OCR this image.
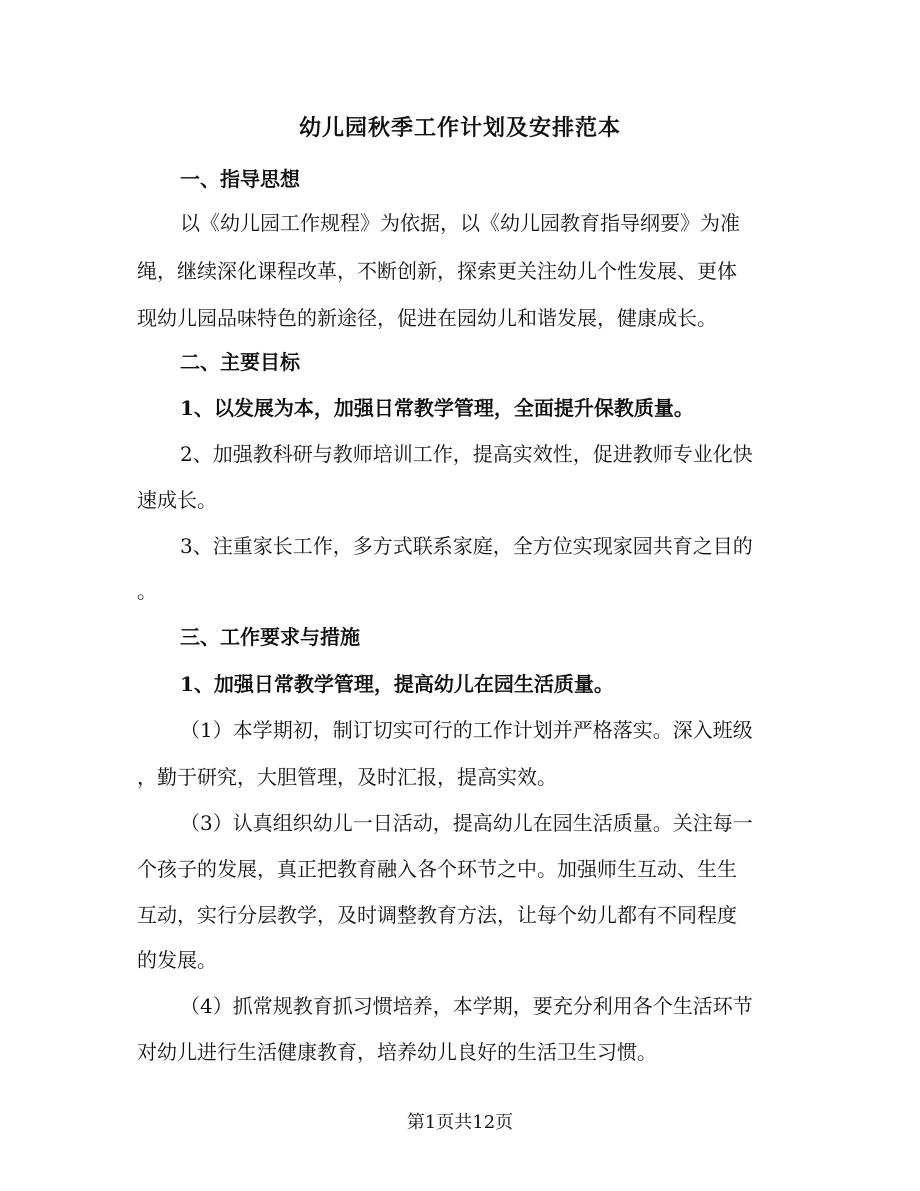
幼儿园秋季工作计划及安排范本

一、指导思想

以《幼儿园工作规程》为依据，以《幼儿园教育指导纲要》为准

绳，继续深化课程改革，不断创新，探索更关注幼儿个性发展、更体

现幼儿园品味特色的新途径，促进在园幼儿和谐发展，健康成长。

二、主要目标

1、以发展为本，加强日常教学管理，全面提升保教质量。

2、加强教科研与教师培训工作，提高实效性，促进教师专业化快

速成长。

3、注重家长工作，多方式联系家庭，全方位实现家园共育之目的

。

三、工作要求与措施

1、加强日常教学管理，提高幼儿在园生活质量。

（1）本学期初，制订切实可行的工作计划并严格落实。深入班级

，勤于研究，大胆管理，及时汇报，提高实效。

（3）认真组织幼儿一日活动，提高幼儿在园生活质量。关注每一

个孩子的发展，真正把教育融入各个环节之中。加强师生互动、生生

互动，实行分层教学，及时调整教育方法，让每个幼儿都有不同程度

的发展。

（4）抓常规教育抓习惯培养，本学期，要充分利用各个生活环节

对幼儿进行生活健康教育，培养幼儿良好的生活卫生习惯。

第1页共12页
